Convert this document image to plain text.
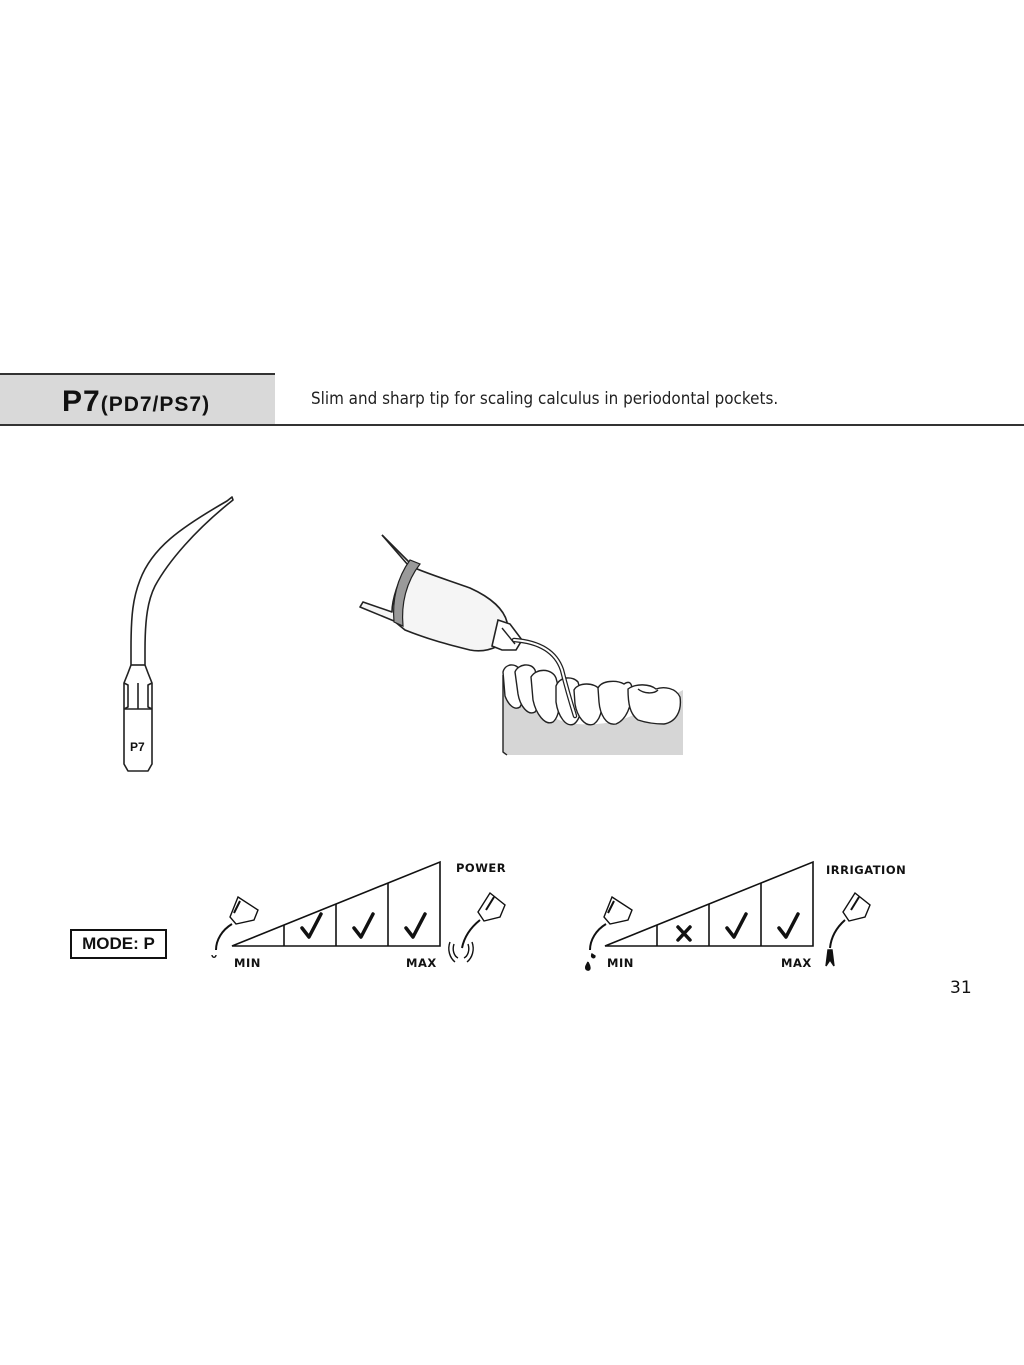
P7(PD7/PS7)	Slim and sharp tip for scaling calculus in periodontal pockets.
P7
MODE: P
POWER
MIN	MAX
IRRIGATION
MIN	MAX
31
